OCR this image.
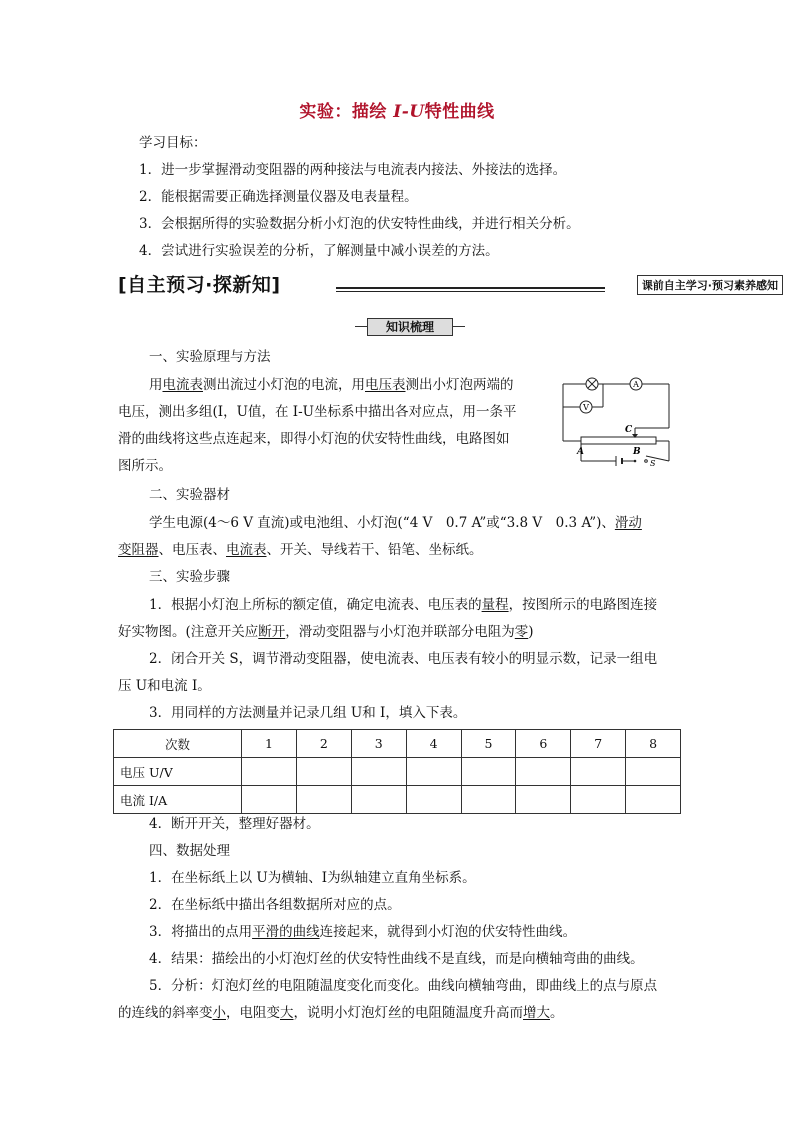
实验：描绘 I-U特性曲线
学习目标：
1．进一步掌握滑动变阻器的两种接法与电流表内接法、外接法的选择。
2．能根据需要正确选择测量仪器及电表量程。
3．会根据所得的实验数据分析小灯泡的伏安特性曲线，并进行相关分析。
4．尝试进行实验误差的分析，了解测量中减小误差的方法。
[自主预习·探新知]	课前自主学习·预习素养感知
知识梳理
一、实验原理与方法
用电流表测出流过小灯泡的电流，用电压表测出小灯泡两端的
电压，测出多组(I，U值，在 I-U坐标系中描出各对应点，用一条平
滑的曲线将这些点连起来，即得小灯泡的伏安特性曲线，电路图如
图所示。
A
V
C
A	B
S
二、实验器材
学生电源(4～6 V 直流)或电池组、小灯泡(“4 V　0.7 A”或“3.8 V　0.3 A”)、滑动
变阻器、电压表、电流表、开关、导线若干、铅笔、坐标纸。
三、实验步骤
1．根据小灯泡上所标的额定值，确定电流表、电压表的量程，按图所示的电路图连接
好实物图。(注意开关应断开，滑动变阻器与小灯泡并联部分电阻为零)
2．闭合开关 S，调节滑动变阻器，使电流表、电压表有较小的明显示数，记录一组电
压 U和电流 I。
3．用同样的方法测量并记录几组 U和 I，填入下表。
次数	1	2	3	4	5	6	7	8
电压 U/V								
电流 I/A								
4．断开开关，整理好器材。
四、数据处理
1．在坐标纸上以 U为横轴、I为纵轴建立直角坐标系。
2．在坐标纸中描出各组数据所对应的点。
3．将描出的点用平滑的曲线连接起来，就得到小灯泡的伏安特性曲线。
4．结果：描绘出的小灯泡灯丝的伏安特性曲线不是直线，而是向横轴弯曲的曲线。
5．分析：灯泡灯丝的电阻随温度变化而变化。曲线向横轴弯曲，即曲线上的点与原点
的连线的斜率变小，电阻变大，说明小灯泡灯丝的电阻随温度升高而增大。
